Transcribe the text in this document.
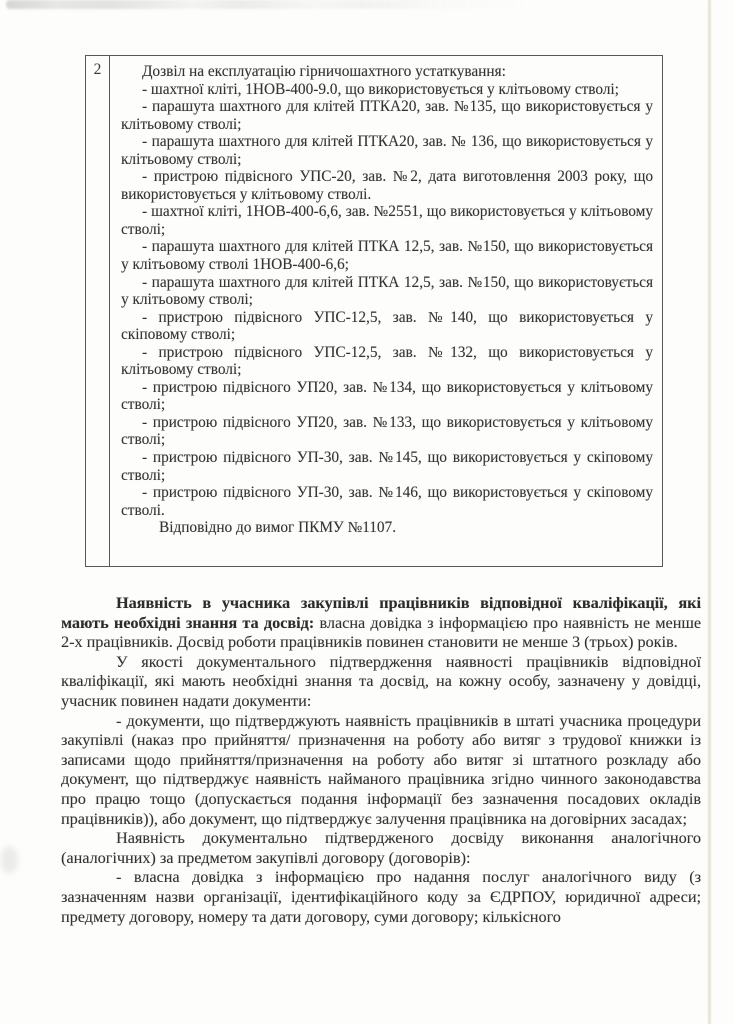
2	Дозвіл на експлуатацію гірничошахтного устаткування:

- шахтної кліті, 1НОВ-400-9.0, що використовується у клітьовому стволі;

- парашута шахтного для клітей ПТКА20, зав. №135, що використовується у клітьовому стволі;

- парашута шахтного для клітей ПТКА20, зав. № 136, що використовується у клітьовому стволі;

- пристрою підвісного УПС-20, зав. №2, дата виготовлення 2003 року, що використовується у клітьовому стволі.

- шахтної кліті, 1НОВ-400-6,6, зав. №2551, що використовується у клітьовому стволі;

- парашута шахтного для клітей ПТКА 12,5, зав. №150, що використовується у клітьовому стволі 1НОВ-400-6,6;

- парашута шахтного для клітей ПТКА 12,5, зав. №150, що використовується у клітьовому стволі;

- пристрою підвісного УПС-12,5, зав. №140, що використовується у скіповому стволі;

- пристрою підвісного УПС-12,5, зав. №132, що використовується у клітьовому стволі;

- пристрою підвісного УП20, зав. №134, що використовується у клітьовому стволі;

- пристрою підвісного УП20, зав. №133, що використовується у клітьовому стволі;

- пристрою підвісного УП-30, зав. №145, що використовується у скіповому стволі;

- пристрою підвісного УП-30, зав. №146, що використовується у скіповому стволі.

Відповідно до вимог ПКМУ №1107.

Наявність в учасника закупівлі працівників відповідної кваліфікації, які мають необхідні знання та досвід: власна довідка з інформацією про наявність не менше 2-х працівників. Досвід роботи працівників повинен становити не менше 3 (трьох) років.

У якості документального підтвердження наявності працівників відповідної кваліфікації, які мають необхідні знання та досвід, на кожну особу, зазначену у довідці, учасник повинен надати документи:

- документи, що підтверджують наявність працівників в штаті учасника процедури закупівлі (наказ про прийняття/ призначення на роботу або витяг з трудової книжки із записами щодо прийняття/призначення на роботу або витяг зі штатного розкладу або документ, що підтверджує наявність найманого працівника згідно чинного законодавства про працю тощо (допускається подання інформації без зазначення посадових окладів працівників)), або документ, що підтверджує залучення працівника на договірних засадах;

Наявність документально підтвердженого досвіду виконання аналогічного (аналогічних) за предметом закупівлі договору (договорів):

- власна довідка з інформацією про надання послуг аналогічного виду (з зазначенням назви організації, ідентифікаційного коду за ЄДРПОУ, юридичної адреси; предмету договору, номеру та дати договору, суми договору; кількісного
